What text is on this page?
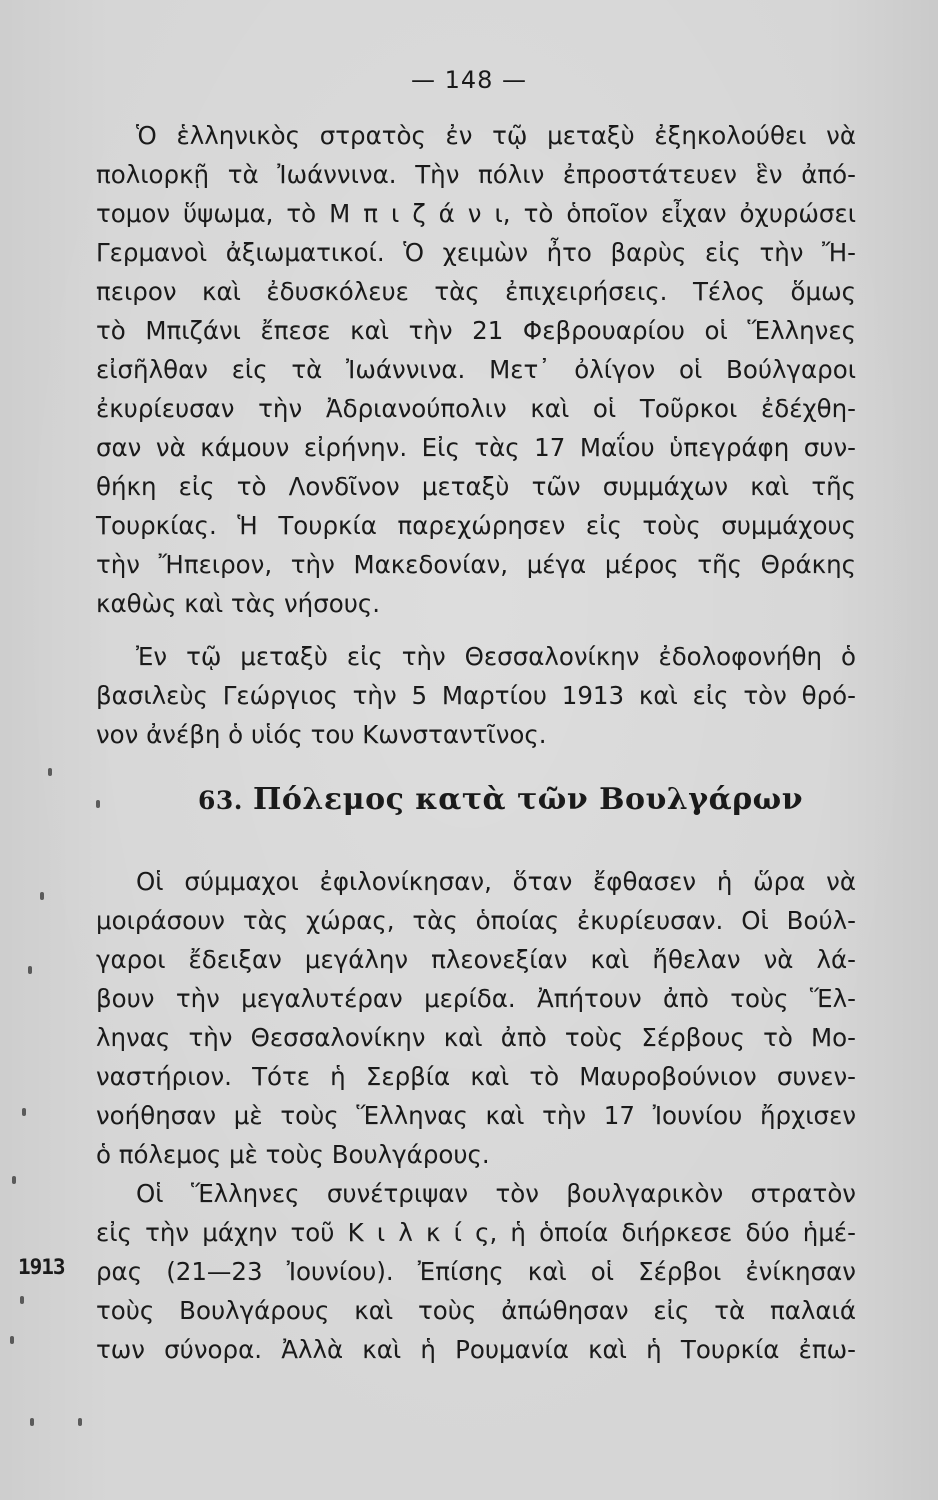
— 148 —
Ὁ ἑλληνικὸς στρατὸς ἐν τῷ μεταξὺ ἐξηκολούθει νὰ
πολιορκῇ τὰ Ἰωάννινα. Τὴν πόλιν ἐπροστάτευεν ἓν ἀπό-
τομον ὕψωμα, τὸ Μ π ι ζ ά ν ι, τὸ ὁποῖον εἶχαν ὀχυρώσει
Γερμανοὶ ἀξιωματικοί. Ὁ χειμὼν ἦτο βαρὺς εἰς τὴν Ἤ-
πειρον καὶ ἐδυσκόλευε τὰς ἐπιχειρήσεις. Τέλος ὅμως
τὸ Μπιζάνι ἔπεσε καὶ τὴν 21 Φεβρουαρίου οἱ Ἕλληνες
εἰσῆλθαν εἰς τὰ Ἰωάννινα. Μετ᾿ ὀλίγον οἱ Βούλγαροι
ἐκυρίευσαν τὴν Ἀδριανούπολιν καὶ οἱ Τοῦρκοι ἐδέχθη-
σαν νὰ κάμουν εἰρήνην. Εἰς τὰς 17 Μαΐου ὑπεγράφη συν-
θήκη εἰς τὸ Λονδῖνον μεταξὺ τῶν συμμάχων καὶ τῆς
Τουρκίας. Ἡ Τουρκία παρεχώρησεν εἰς τοὺς συμμάχους
τὴν Ἤπειρον, τὴν Μακεδονίαν, μέγα μέρος τῆς Θράκης
καθὼς καὶ τὰς νήσους.
Ἐν τῷ μεταξὺ εἰς τὴν Θεσσαλονίκην ἐδολοφονήθη ὁ
βασιλεὺς Γεώργιος τὴν 5 Μαρτίου 1913 καὶ εἰς τὸν θρό-
νον ἀνέβη ὁ υἱός του Κωνσταντῖνος.
63. Πόλεμος κατὰ τῶν Βουλγάρων
Οἱ σύμμαχοι ἐφιλονίκησαν, ὅταν ἔφθασεν ἡ ὥρα νὰ
μοιράσουν τὰς χώρας, τὰς ὁποίας ἐκυρίευσαν. Οἱ Βούλ-
γαροι ἔδειξαν μεγάλην πλεονεξίαν καὶ ἤθελαν νὰ λά-
βουν τὴν μεγαλυτέραν μερίδα. Ἀπήτουν ἀπὸ τοὺς Ἕλ-
ληνας τὴν Θεσσαλονίκην καὶ ἀπὸ τοὺς Σέρβους τὸ Μο-
ναστήριον. Τότε ἡ Σερβία καὶ τὸ Μαυροβούνιον συνεν-
νοήθησαν μὲ τοὺς Ἕλληνας καὶ τὴν 17 Ἰουνίου ἤρχισεν
ὁ πόλεμος μὲ τοὺς Βουλγάρους.
Οἱ Ἕλληνες συνέτριψαν τὸν βουλγαρικὸν στρατὸν
εἰς τὴν μάχην τοῦ Κ ι λ κ ί ς, ἡ ὁποία διήρκεσε δύο ἡμέ-
ρας (21—23 Ἰουνίου). Ἐπίσης καὶ οἱ Σέρβοι ἐνίκησαν
τοὺς Βουλγάρους καὶ τοὺς ἀπώθησαν εἰς τὰ παλαιά
των σύνορα. Ἀλλὰ καὶ ἡ Ρουμανία καὶ ἡ Τουρκία ἐπω-
1913
